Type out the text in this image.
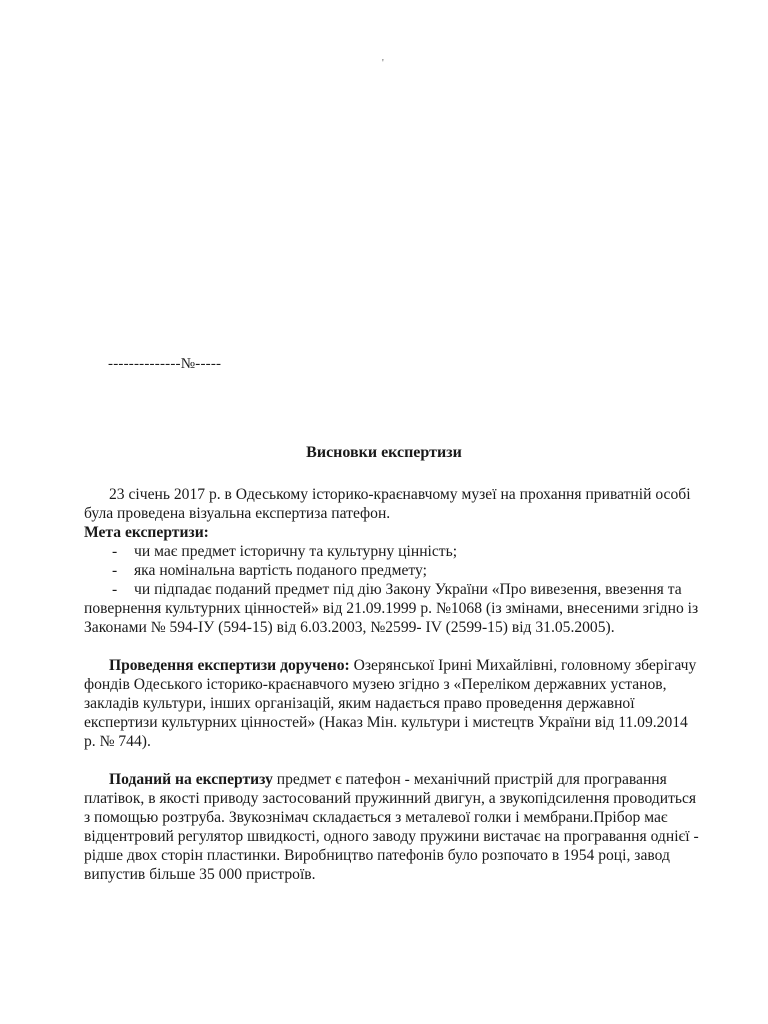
'
--------------№-----
Висновки експертизи

23 січень 2017 р. в Одеському історико-краєнавчому музеї на прохання приватній особі була проведена візуальна експертиза патефон.

Мета експертизи:

- чи має предмет історичну та культурну цінність;

- яка номінальна вартість поданого предмету;

- чи підпадає поданий предмет під дію Закону України «Про вивезення, ввезення та повернення культурних цінностей» від 21.09.1999 р. №1068 (із змінами, внесеними згідно із Законами № 594-ІУ (594-15) від 6.03.2003, №2599- IV (2599-15) від 31.05.2005).

Проведення експертизи доручено: Озерянської Ірині Михайлівні, головному зберігачу фондів Одеського історико-краєнавчого музею згідно з «Переліком державних установ, закладів культури, інших організацій, яким надається право проведення державної експертизи культурних цінностей» (Наказ Мін. культури і мистецтв України від 11.09.2014 р. № 744).

Поданий на експертизу предмет є патефон - механічний пристрій для програвання платівок, в якості приводу застосований пружинний двигун, а звукопідсилення проводиться з помощью розтруба. Звукознімач складається з металевої голки і мембрани.Прібор має відцентровий регулятор швидкості, одного заводу пружини вистачає на програвання однієї - рідше двох сторін пластинки. Виробництво патефонів було розпочато в 1954 році, завод випустив більше 35 000 пристроїв.
